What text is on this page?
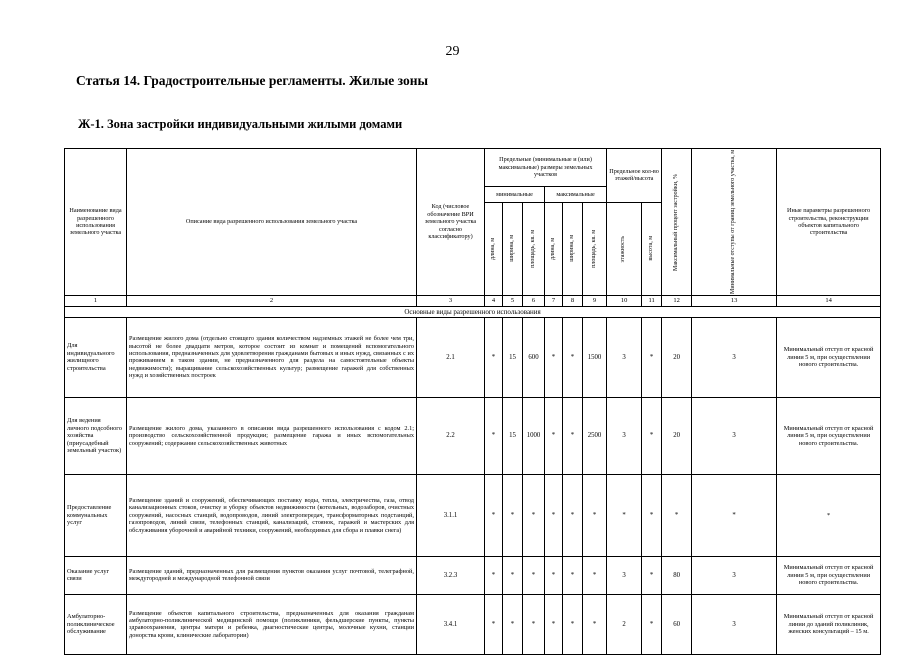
29
Статья 14. Градостроительные регламенты. Жилые зоны
Ж-1. Зона застройки индивидуальными жилыми домами
Наименование вида разрешенного использования земельного участка	Описание вида разрешенного использования земельного участка	Код (числовое обозначение ВРИ земельного участка согласно классификатору)	Предельные (минимальные и (или) максимальные) размеры земельных участков						Предельное кол-во этажей/высота		Максимальный процент застройки, %	Минимальные отступы от границ земельного участка, м	Иные параметры разрешенного строительства, реконструкции объектов капитального строительства
			минимальные			максимальные							

			длина, м	ширина, м	площадь, кв. м	длина, м	ширина, м	площадь, кв. м	этажность	высота, м			

1	2	3	4	5	6	7	8	9	10	11	12	13	14
Основные виды разрешенного использования													
Для индивидуального жилищного строительства	Размещение жилого дома (отдельно стоящего здания количеством надземных этажей не более чем три, высотой не более двадцати метров, которое состоит из комнат и помещений вспомогательного использования, предназначенных для удовлетворения гражданами бытовых и иных нужд, связанных с их проживанием в таком здании, не предназначенного для раздела на самостоятельные объекты недвижимости); выращивание сельскохозяйственных культур; размещение гаражей для собственных нужд и хозяйственных построек	2.1	*	15	600	*	*	1500	3	*	20	3	Минимальный отступ от красной линии 5 м, при осуществлении нового строительства.
Для ведения личного подсобного хозяйства (приусадебный земельный участок)	Размещение жилого дома, указанного в описании вида разрешенного использования с кодом 2.1; производство сельскохозяйственной продукции; размещение гаража и иных вспомогательных сооружений; содержание сельскохозяйственных животных	2.2	*	15	1000	*	*	2500	3	*	20	3	Минимальный отступ от красной линии 5 м, при осуществлении нового строительства.
Предоставление коммунальных услуг	Размещение зданий и сооружений, обеспечивающих поставку воды, тепла, электричества, газа, отвод канализационных стоков, очистку и уборку объектов недвижимости (котельных, водозаборов, очистных сооружений, насосных станций, водопроводов, линий электропередач, трансформаторных подстанций, газопроводов, линий связи, телефонных станций, канализаций, стоянок, гаражей и мастерских для обслуживания уборочной и аварийной техники, сооружений, необходимых для сбора и плавки снега)	3.1.1	*	*	*	*	*	*	*	*	*	*	*
Оказание услуг связи	Размещение зданий, предназначенных для размещения пунктов оказания услуг почтовой, телеграфной, междугородней и международной телефонной связи	3.2.3	*	*	*	*	*	*	3	*	80	3	Минимальный отступ от красной линии 5 м, при осуществлении нового строительства.
Амбулаторно-поликлиническое обслуживание	Размещение объектов капитального строительства, предназначенных для оказания гражданам амбулаторно-поликлинической медицинской помощи (поликлиники, фельдшерские пункты, пункты здравоохранения, центры матери и ребенка, диагностические центры, молочные кухни, станции донорства крови, клинические лаборатории)	3.4.1	*	*	*	*	*	*	2	*	60	3	Минимальный отступ от красной линии до зданий поликлиник, женских консультаций – 15 м.
